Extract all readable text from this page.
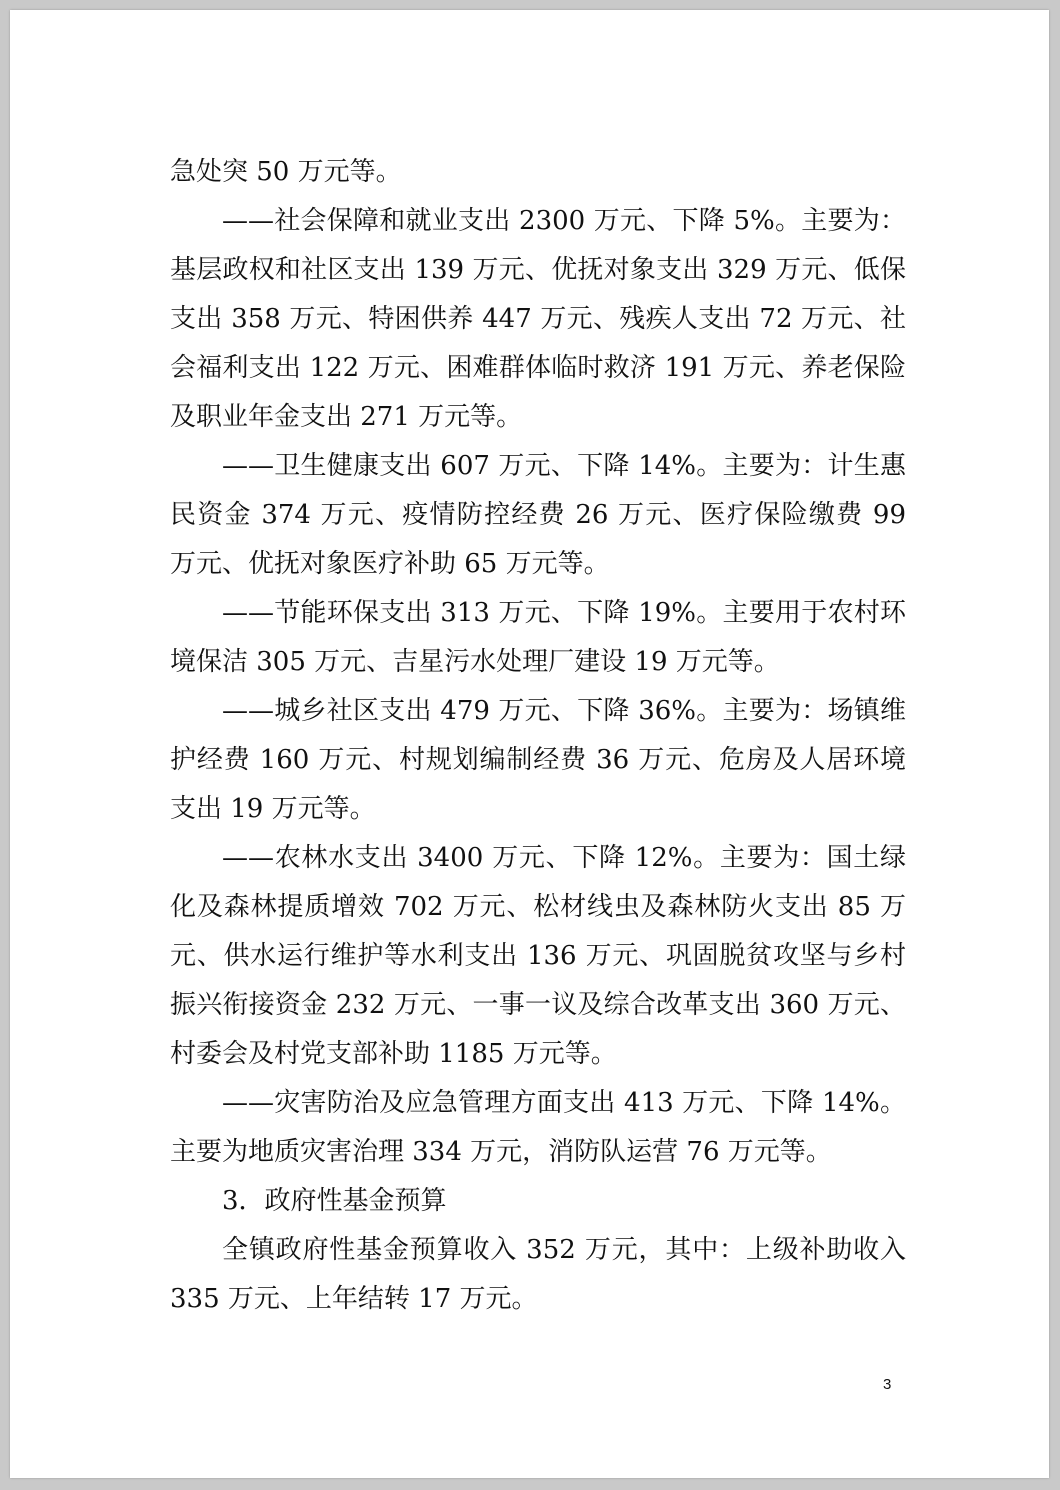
急处突 50 万元等。

——社会保障和就业支出 2300 万元、下降 5%。主要为：基层政权和社区支出 139 万元、优抚对象支出 329 万元、低保支出 358 万元、特困供养 447 万元、残疾人支出 72 万元、社会福利支出 122 万元、困难群体临时救济 191 万元、养老保险及职业年金支出 271 万元等。

——卫生健康支出 607 万元、下降 14%。主要为：计生惠民资金 374 万元、疫情防控经费 26 万元、医疗保险缴费 99 万元、优抚对象医疗补助 65 万元等。

——节能环保支出 313 万元、下降 19%。主要用于农村环境保洁 305 万元、吉星污水处理厂建设 19 万元等。

——城乡社区支出 479 万元、下降 36%。主要为：场镇维护经费 160 万元、村规划编制经费 36 万元、危房及人居环境支出 19 万元等。

——农林水支出 3400 万元、下降 12%。主要为：国土绿化及森林提质增效 702 万元、松材线虫及森林防火支出 85 万元、供水运行维护等水利支出 136 万元、巩固脱贫攻坚与乡村振兴衔接资金 232 万元、一事一议及综合改革支出 360 万元、村委会及村党支部补助 1185 万元等。

——灾害防治及应急管理方面支出 413 万元、下降 14%。主要为地质灾害治理 334 万元，消防队运营 76 万元等。

3．政府性基金预算

全镇政府性基金预算收入 352 万元，其中：上级补助收入 335 万元、上年结转 17 万元。

3
